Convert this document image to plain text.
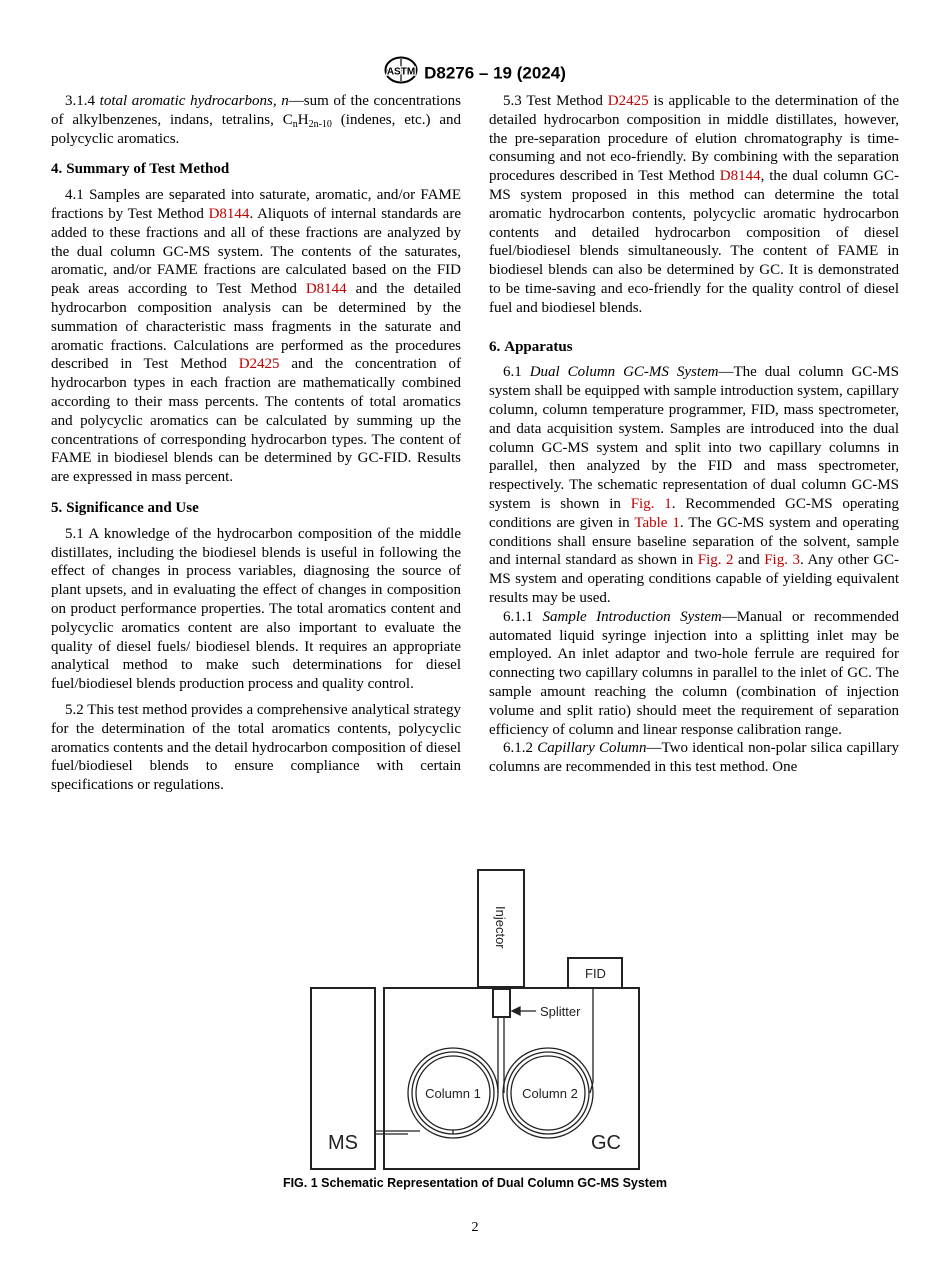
ASTM D8276 – 19 (2024)

3.1.4 total aromatic hydrocarbons, n—sum of the concentrations of alkylbenzenes, indans, tetralins, $C_nH_{2n-10}$ (indenes, etc.) and polycyclic aromatics.

4. Summary of Test Method

4.1 Samples are separated into saturate, aromatic, and/or FAME fractions by Test Method D8144. Aliquots of internal standards are added to these fractions and all of these fractions are analyzed by the dual column GC-MS system. The contents of the saturates, aromatic, and/or FAME fractions are calculated based on the FID peak areas according to Test Method D8144 and the detailed hydrocarbon composition analysis can be determined by the summation of characteristic mass fragments in the saturate and aromatic fractions. Calculations are performed as the procedures described in Test Method D2425 and the concentration of hydrocarbon types in each fraction are mathematically combined according to their mass percents. The contents of total aromatics and polycyclic aromatics can be calculated by summing up the concentrations of corresponding hydrocarbon types. The content of FAME in biodiesel blends can be determined by GC-FID. Results are expressed in mass percent.

5. Significance and Use

5.1 A knowledge of the hydrocarbon composition of the middle distillates, including the biodiesel blends is useful in following the effect of changes in process variables, diagnosing the source of plant upsets, and in evaluating the effect of changes in composition on product performance properties. The total aromatics content and polycyclic aromatics content are also important to evaluate the quality of diesel fuels/ biodiesel blends. It requires an appropriate analytical method to make such determinations for diesel fuel/biodiesel blends production process and quality control.

5.2 This test method provides a comprehensive analytical strategy for the determination of the total aromatics contents, polycyclic aromatics contents and the detail hydrocarbon composition of diesel fuel/biodiesel blends to ensure compliance with certain specifications or regulations.

5.3 Test Method D2425 is applicable to the determination of the detailed hydrocarbon composition in middle distillates, however, the pre-separation procedure of elution chromatography is time-consuming and not eco-friendly. By combining with the separation procedures described in Test Method D8144, the dual column GC-MS system proposed in this method can determine the total aromatic hydrocarbon contents, polycyclic aromatic hydrocarbon contents and detailed hydrocarbon composition of diesel fuel/biodiesel blends simultaneously. The content of FAME in biodiesel blends can also be determined by GC. It is demonstrated to be time-saving and eco-friendly for the quality control of diesel fuel and biodiesel blends.

6. Apparatus

6.1 Dual Column GC-MS System—The dual column GC-MS system shall be equipped with sample introduction system, capillary column, column temperature programmer, FID, mass spectrometer, and data acquisition system. Samples are introduced into the dual column GC-MS system and split into two capillary columns in parallel, then analyzed by the FID and mass spectrometer, respectively. The schematic representation of dual column GC-MS system is shown in Fig. 1. Recommended GC-MS operating conditions are given in Table 1. The GC-MS system and operating conditions shall ensure baseline separation of the solvent, sample and internal standard as shown in Fig. 2 and Fig. 3. Any other GC-MS system and operating conditions capable of yielding equivalent results may be used.

6.1.1 Sample Introduction System—Manual or recommended automated liquid syringe injection into a splitting inlet may be employed. An inlet adaptor and two-hole ferrule are required for connecting two capillary columns in parallel to the inlet of GC. The sample amount reaching the column (combination of injection volume and split ratio) should meet the requirement of separation efficiency of column and linear response calibration range.

6.1.2 Capillary Column—Two identical non-polar silica capillary columns are recommended in this test method. One

Injector
FID
Splitter
Column 1	Column 2
MS	GC
FIG. 1 Schematic Representation of Dual Column GC-MS System
2
